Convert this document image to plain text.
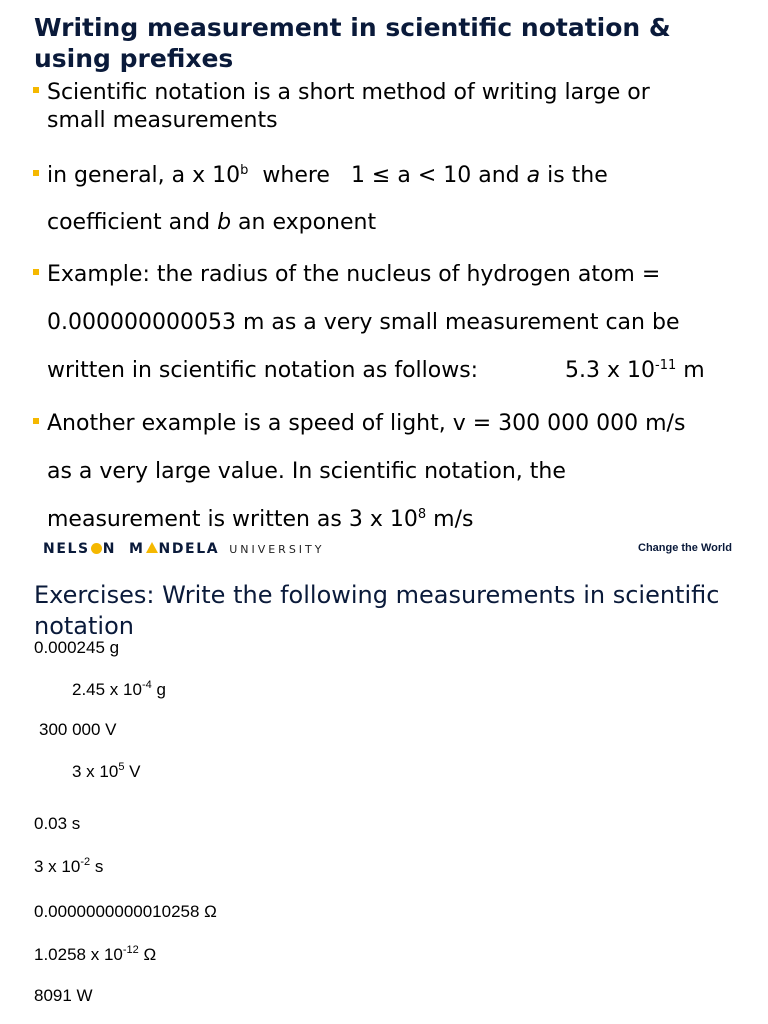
Writing measurement in scientific notation & using prefixes
Scientific notation is a short method of writing large or
small measurements
in general, a x 10$^b$  where   1 ≤ a < 10 and a is the
coefficient and b an exponent
Example: the radius of the nucleus of hydrogen atom =
0.000000000053 m as a very small measurement can be
written in scientific notation as follows:	5.3 x $10^{-11}$ m
Another example is a speed of light, v = 300 000 000 m/s
as a very large value. In scientific notation, the
measurement is written as 3 x $10^8$ m/s
NELS N M NDELA UNIVERSITY	Change the World
Exercises: Write the following measurements in scientific notation
0.000245 g
2.45 x $10^{-4}$ g
300 000 V
3 x $10^5$ V
0.03 s
3 x $10^{-2}$ s
0.0000000000010258 Ω
1.0258 x $10^{-12}$ Ω
8091 W
